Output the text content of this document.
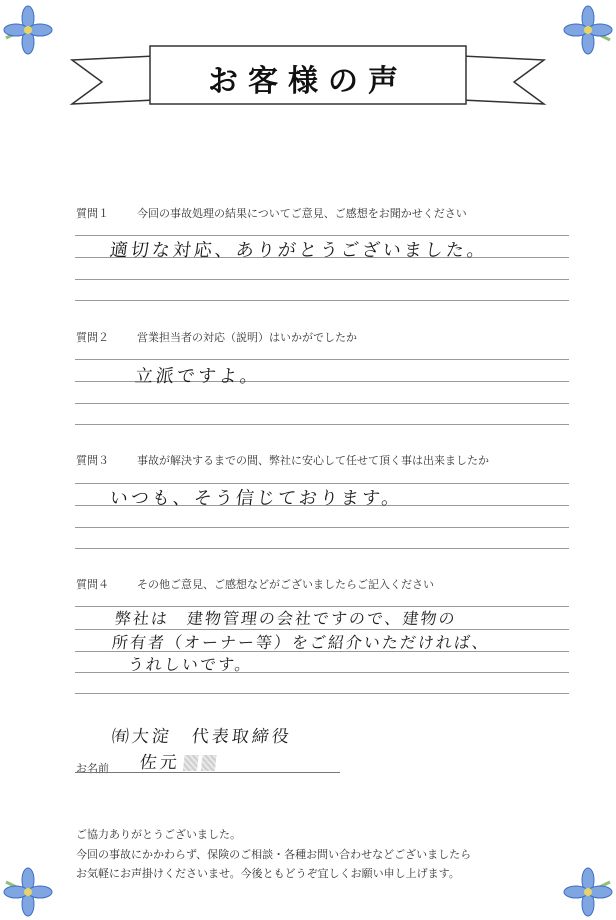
お客様の声
質問１	今回の事故処理の結果についてご意見、ご感想をお聞かせください
適切な対応、ありがとうございました。
質問２	営業担当者の対応（説明）はいかがでしたか
立派ですよ。
質問３	事故が解決するまでの間、弊社に安心して任せて頂く事は出来ましたか
いつも、そう信じております。
質問４	その他ご意見、ご感想などがございましたらご記入ください
弊社は　建物管理の会社ですので、建物の
所有者（オーナー等）をご紹介いただければ、
うれしいです。
㈲大淀　代表取締役
お名前 佐元
ご協力ありがとうございました。
今回の事故にかかわらず、保険のご相談・各種お問い合わせなどございましたら
お気軽にお声掛けくださいませ。今後ともどうぞ宜しくお願い申し上げます。
